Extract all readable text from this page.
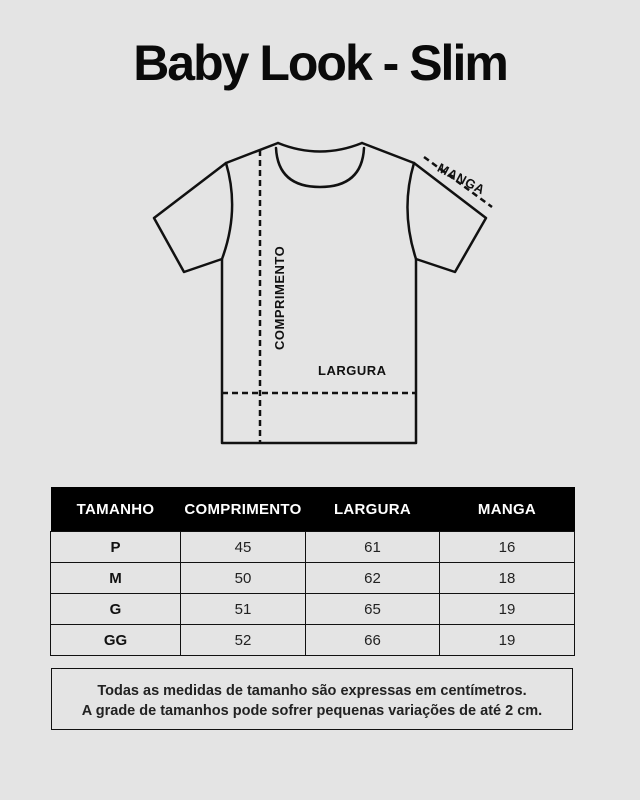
Baby Look - Slim
MANGA
COMPRIMENTO
LARGURA
TAMANHO	COMPRIMENTO	LARGURA	MANGA
P	45	61	16
M	50	62	18
G	51	65	19
GG	52	66	19
Todas as medidas de tamanho são expressas em centímetros.
A grade de tamanhos pode sofrer pequenas variações de até 2 cm.
